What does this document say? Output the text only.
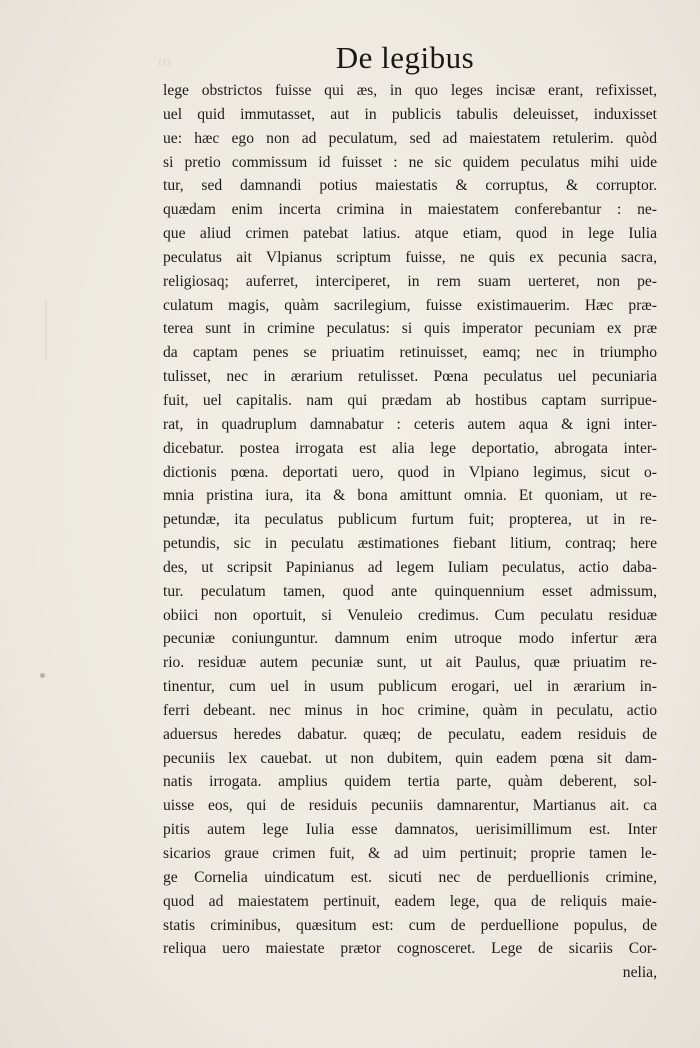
III	De legibus
lege obstrictos fuisse qui æs, in quo leges incisæ erant, refixisset,
uel quid immutasset, aut in publicis tabulis deleuisset, induxisset
ue: hæc ego non ad peculatum, sed ad maiestatem retulerim. quòd
si pretio commissum id fuisset : ne sic quidem peculatus mihi uide
tur, sed damnandi potius maiestatis & corruptus, & corruptor.
quædam enim incerta crimina in maiestatem conferebantur : ne-
que aliud crimen patebat latius. atque etiam, quod in lege Iulia
peculatus ait Vlpianus scriptum fuisse, ne quis ex pecunia sacra,
religiosaq; auferret, interciperet, in rem suam uerteret, non pe-
culatum magis, quàm sacrilegium, fuisse existimauerim. Hæc præ-
terea sunt in crimine peculatus: si quis imperator pecuniam ex præ
da captam penes se priuatim retinuisset, eamq; nec in triumpho
tulisset, nec in ærarium retulisset. Pœna peculatus uel pecuniaria
fuit, uel capitalis. nam qui prædam ab hostibus captam surripue-
rat, in quadruplum damnabatur : ceteris autem aqua & igni inter-
dicebatur. postea irrogata est alia lege deportatio, abrogata inter-
dictionis pœna. deportati uero, quod in Vlpiano legimus, sicut o-
mnia pristina iura, ita & bona amittunt omnia. Et quoniam, ut re-
petundæ, ita peculatus publicum furtum fuit; propterea, ut in re-
petundis, sic in peculatu æstimationes fiebant litium, contraq; here
des, ut scripsit Papinianus ad legem Iuliam peculatus, actio daba-
tur. peculatum tamen, quod ante quinquennium esset admissum,
obiici non oportuit, si Venuleio credimus. Cum peculatu residuæ
pecuniæ coniunguntur. damnum enim utroque modo infertur æra
rio. residuæ autem pecuniæ sunt, ut ait Paulus, quæ priuatim re-
tinentur, cum uel in usum publicum erogari, uel in ærarium in-
ferri debeant. nec minus in hoc crimine, quàm in peculatu, actio
aduersus heredes dabatur. quæq; de peculatu, eadem residuis de
pecuniis lex cauebat. ut non dubitem, quin eadem pœna sit dam-
natis irrogata. amplius quidem tertia parte, quàm deberent, sol-
uisse eos, qui de residuis pecuniis damnarentur, Martianus ait. ca
pitis autem lege Iulia esse damnatos, uerisimillimum est. Inter
sicarios graue crimen fuit, & ad uim pertinuit; proprie tamen le-
ge Cornelia uindicatum est. sicuti nec de perduellionis crimine,
quod ad maiestatem pertinuit, eadem lege, qua de reliquis maie-
statis criminibus, quæsitum est: cum de perduellione populus, de
reliqua uero maiestate prætor cognosceret. Lege de sicariis Cor-
nelia,
